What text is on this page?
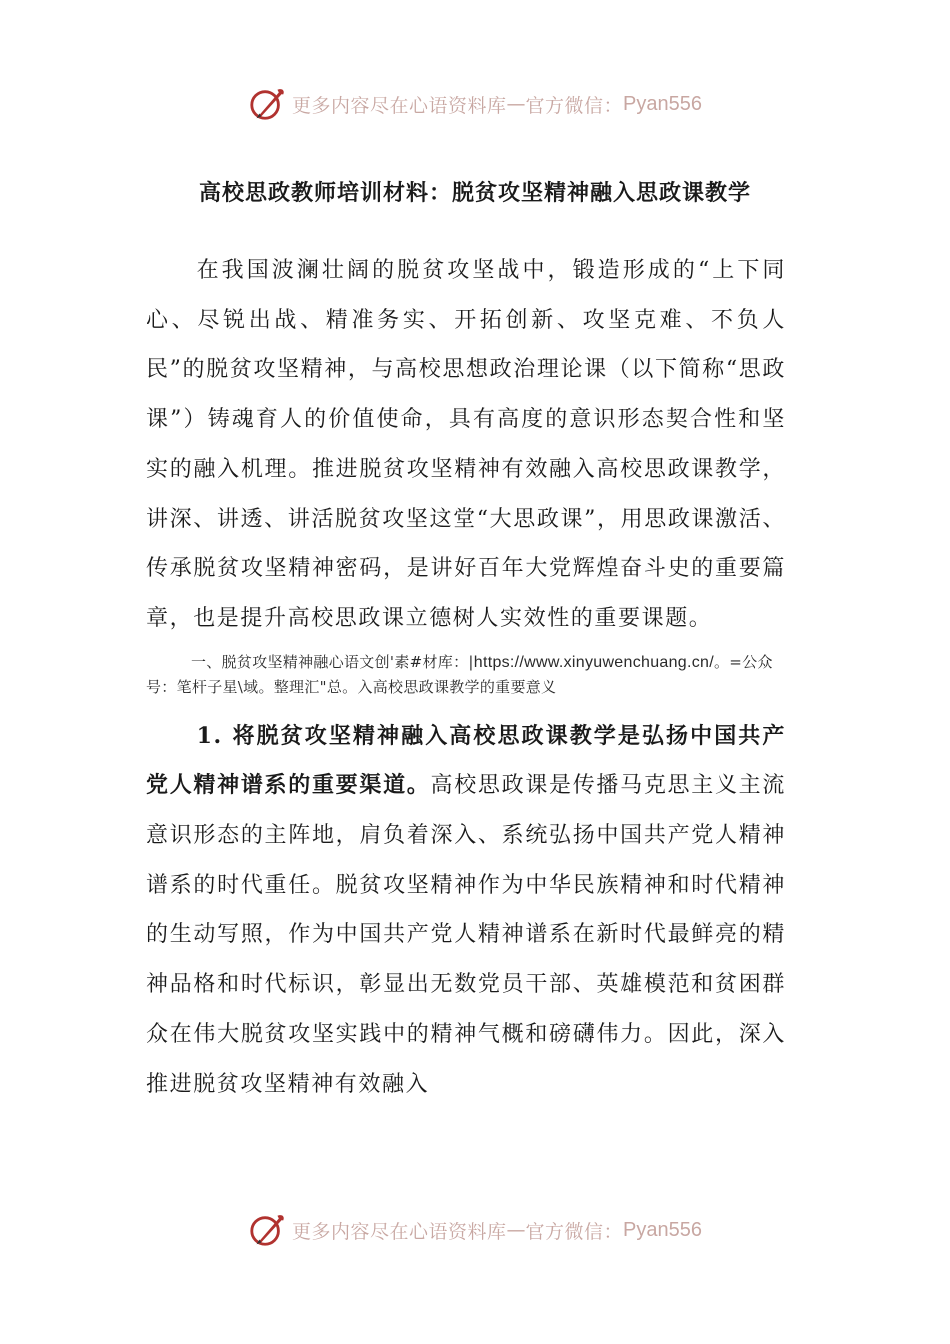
更多内容尽在心语资料库 — 官方微信： Pyan556
高校思政教师培训材料：脱贫攻坚精神融入思政课教学

在我国波澜壮阔的脱贫攻坚战中，锻造形成的“上下同心、尽锐出战、精准务实、开拓创新、攻坚克难、不负人民”的脱贫攻坚精神，与高校思想政治理论课（以下简称“思政课”）铸魂育人的价值使命，具有高度的意识形态契合性和坚实的融入机理。推进脱贫攻坚精神有效融入高校思政课教学，讲深、讲透、讲活脱贫攻坚这堂“大思政课”，用思政课激活、传承脱贫攻坚精神密码，是讲好百年大党辉煌奋斗史的重要篇章，也是提升高校思政课立德树人实效性的重要课题。

一、脱贫攻坚精神融心语文创'素#材库：|https://www.xinyuwenchuang.cn/。=公众号：笔杆子星\域。整理汇"总。入高校思政课教学的重要意义

1. 将脱贫攻坚精神融入高校思政课教学是弘扬中国共产党人精神谱系的重要渠道。高校思政课是传播马克思主义主流意识形态的主阵地，肩负着深入、系统弘扬中国共产党人精神谱系的时代重任。脱贫攻坚精神作为中华民族精神和时代精神的生动写照，作为中国共产党人精神谱系在新时代最鲜亮的精神品格和时代标识，彰显出无数党员干部、英雄模范和贫困群众在伟大脱贫攻坚实践中的精神气概和磅礴伟力。因此，深入推进脱贫攻坚精神有效融入

更多内容尽在心语资料库 — 官方微信： Pyan556
